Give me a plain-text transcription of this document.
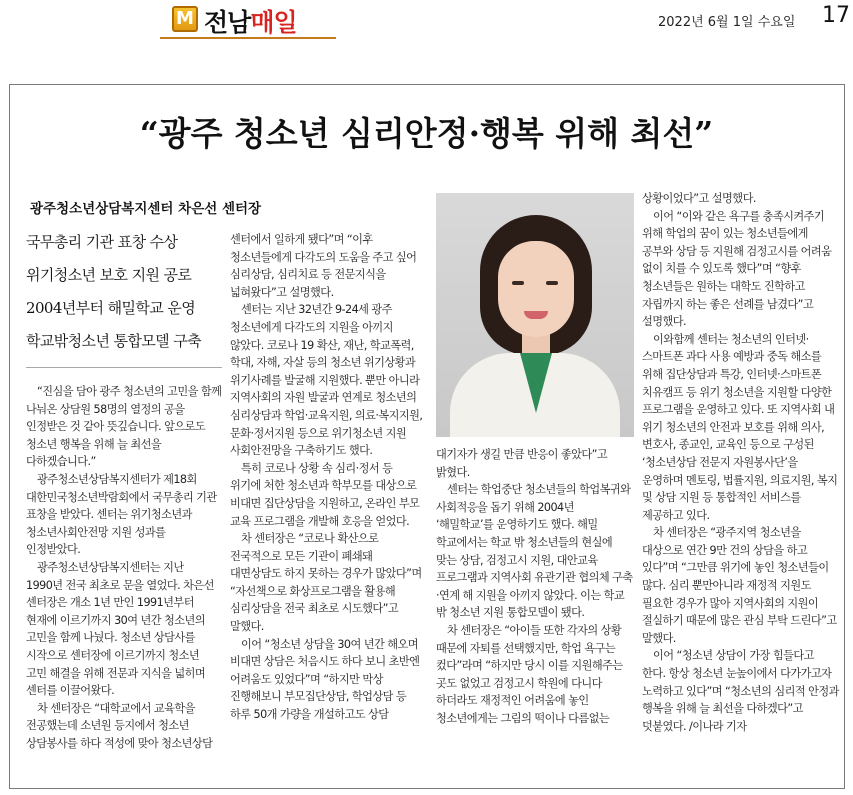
M 전남매일	2022년 6월 1일 수요일 17
“광주 청소년 심리안정·행복 위해 최선”
광주청소년상담복지센터 차은선 센터장
국무총리 기관 표창 수상
위기청소년 보호 지원 공로
2004년부터 해밀학교 운영
학교밖청소년 통합모델 구축

“진심을 담아 광주 청소년의 고민을 함께 나눠온 상담원 58명의 열정의 공을 인정받은 것 같아 뜻깊습니다. 앞으로도 청소년 행복을 위해 늘 최선을 다하겠습니다.”

광주청소년상담복지센터가 제18회 대한민국청소년박람회에서 국무총리 기관 표창을 받았다. 센터는 위기청소년과 청소년사회안전망 지원 성과를 인정받았다.

광주청소년상담복지센터는 지난 1990년 전국 최초로 문을 열었다. 차은선 센터장은 개소 1년 만인 1991년부터 현재에 이르기까지 30여 년간 청소년의 고민을 함께 나눴다. 청소년 상담사를 시작으로 센터장에 이르기까지 청소년 고민 해결을 위해 전문과 지식을 넓히며 센터를 이끌어왔다.

차 센터장은 “대학교에서 교육학을 전공했는데 소년원 등지에서 청소년 상담봉사를 하다 적성에 맞아 청소년상담

센터에서 일하게 됐다”며 “이후 청소년들에게 다각도의 도움을 주고 싶어 심리상담, 심리치료 등 전문지식을 넓혀왔다”고 설명했다.

센터는 지난 32년간 9-24세 광주 청소년에게 다각도의 지원을 아끼지 않았다. 코로나 19 확산, 재난, 학교폭력, 학대, 자해, 자살 등의 청소년 위기상황과 위기사례를 발굴해 지원했다. 뿐만 아니라 지역사회의 자원 발굴과 연계로 청소년의 심리상담과 학업·교육지원, 의료·복지지원, 문화·정서지원 등으로 위기청소년 지원 사회안전망을 구축하기도 했다.

특히 코로나 상황 속 심리·정서 등 위기에 처한 청소년과 학부모를 대상으로 비대면 집단상담을 지원하고, 온라인 부모 교육 프로그램을 개발해 호응을 얻었다.

차 센터장은 “코로나 확산으로 전국적으로 모든 기관이 폐쇄돼 대면상담도 하지 못하는 경우가 많았다”며 “자선책으로 화상프로그램을 활용해 심리상담을 전국 최초로 시도했다”고 말했다.

이어 “청소년 상담을 30여 년간 해오며 비대면 상담은 처음시도 하다 보니 초반엔 어려움도 있었다”며 “하지만 막상 진행해보니 부모집단상담, 학업상담 등 하루 50개 가량을 개설하고도 상담

대기자가 생길 만큼 반응이 좋았다”고 밝혔다.

센터는 학업중단 청소년들의 학업복귀와 사회적응을 돕기 위해 2004년 ‘해밀학교’를 운영하기도 했다. 해밀 학교에서는 학교 밖 청소년들의 현실에 맞는 상담, 검정고시 지원, 대안교육 프로그램과 지역사회 유관기관 협의체 구축·연계 해 지원을 아끼지 않았다. 이는 학교 밖 청소년 지원 통합모델이 됐다.

차 센터장은 “아이들 또한 각자의 상황 때문에 자퇴를 선택했지만, 학업 욕구는 컸다”라며 “하지만 당시 이를 지원해주는 곳도 없었고 검정고시 학원에 다니다 하더라도 재정적인 어려움에 놓인 청소년에게는 그림의 떡이나 다름없는

상황이었다”고 설명했다.

이어 “이와 같은 욕구를 충족시켜주기 위해 학업의 꿈이 있는 청소년들에게 공부와 상담 등 지원해 검정고시를 어려움 없이 치를 수 있도록 했다”며 “향후 청소년들은 원하는 대학도 진학하고 자립까지 하는 좋은 선례를 남겼다”고 설명했다.

이와함께 센터는 청소년의 인터넷·스마트폰 과다 사용 예방과 중독 해소를 위해 집단상담과 특강, 인터넷·스마트폰 치유캠프 등 위기 청소년을 지원할 다양한 프로그램을 운영하고 있다. 또 지역사회 내 위기 청소년의 안전과 보호를 위해 의사, 변호사, 종교인, 교육인 등으로 구성된 ‘청소년상담 전문지 자원봉사단’을 운영하며 멘토링, 법률지원, 의료지원, 복지 및 상담 지원 등 통합적인 서비스를 제공하고 있다.

차 센터장은 “광주지역 청소년을 대상으로 연간 9만 건의 상담을 하고 있다”며 “그만큼 위기에 놓인 청소년들이 많다. 심리 뿐만아니라 재정적 지원도 필요한 경우가 많아 지역사회의 지원이 절실하기 때문에 많은 관심 부탁 드린다”고 말했다.

이어 “청소년 상담이 가장 힘들다고 한다. 항상 청소년 눈높이에서 다가가고자 노력하고 있다”며 “청소년의 심리적 안정과 행복을 위해 늘 최선을 다하겠다”고 덧붙였다. /이나라 기자
